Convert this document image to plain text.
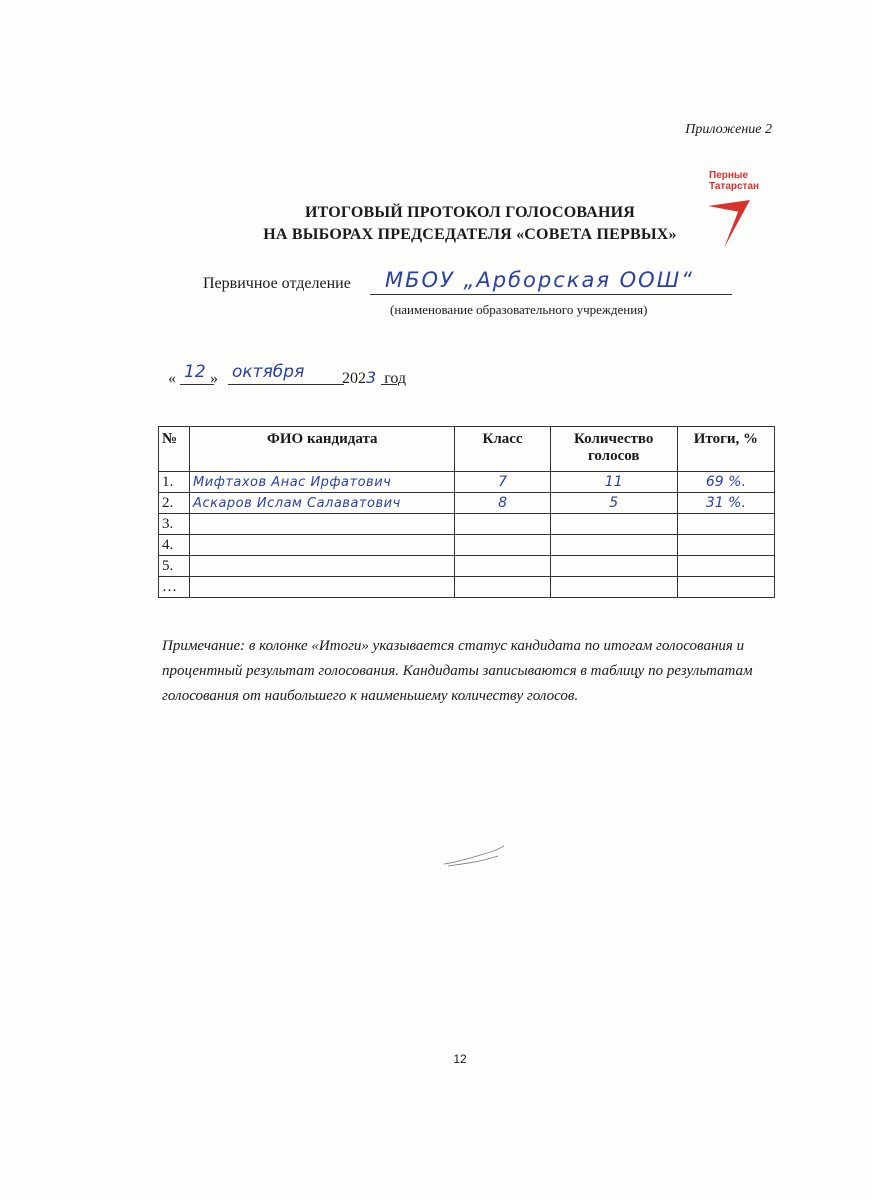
Приложение 2
Перные
Татарстан
ИТОГОВЫЙ ПРОТОКОЛ ГОЛОСОВАНИЯ
НА ВЫБОРАХ ПРЕДСЕДАТЕЛЯ «СОВЕТА ПЕРВЫХ»
Первичное отделение МБОУ „Арборская ООШ“
(наименование образовательного учреждения)
« »	2023 год
12 октября
№	ФИО кандидата	Класс	Количество голосов	Итоги, %
1.	Мифтахов Анас Ирфатович	7	11	69 %.
2.	Аскаров Ислам Салаватович	8	5	31 %.
3.				
4.				
5.				
…				
Примечание: в колонке «Итоги» указывается статус кандидата по итогам голосования и процентный результат голосования. Кандидаты записываются в таблицу по результатам голосования от наибольшего к наименьшему количеству голосов.
12
